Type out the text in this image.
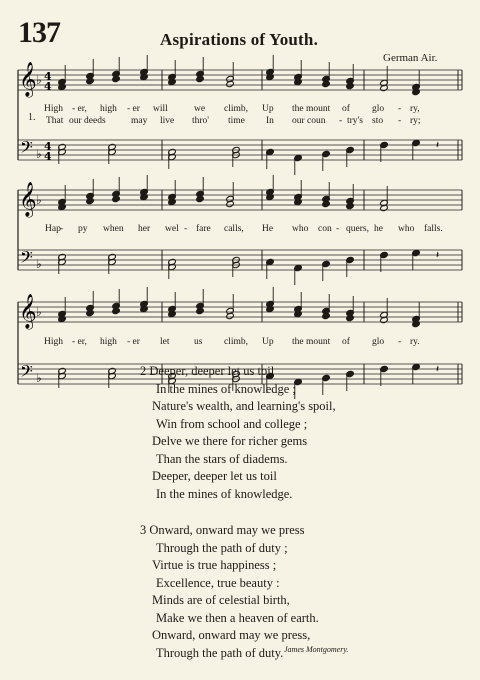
137	Aspirations of Youth.
German Air.
𝄞
𝄢
♭
♭
4
4
4
4
𝄽
𝄞
𝄢
♭
♭
𝄽
𝄞
𝄢
♭
♭
𝄽
1.
High - er, high - er will	we climb, Up the mount of glo - ry,
That our deeds	may live thro' time In our coun - try's sto - ry;
Hap - py when her wel - fare calls, He who con - quers, he who falls.
High - er, high - er let	us climb, Up the mount of glo - ry.
2 Deeper, deeper let us toil
In the mines of knowledge ;
Nature's wealth, and learning's spoil,
Win from school and college ;
Delve we there for richer gems
Than the stars of diadems.
Deeper, deeper let us toil
In the mines of knowledge.
3 Onward, onward may we press
Through the path of duty ;
Virtue is true happiness ;
Excellence, true beauty :
Minds are of celestial birth,
Make we then a heaven of earth.
Onward, onward may we press,
Through the path of duty. James Montgomery.
